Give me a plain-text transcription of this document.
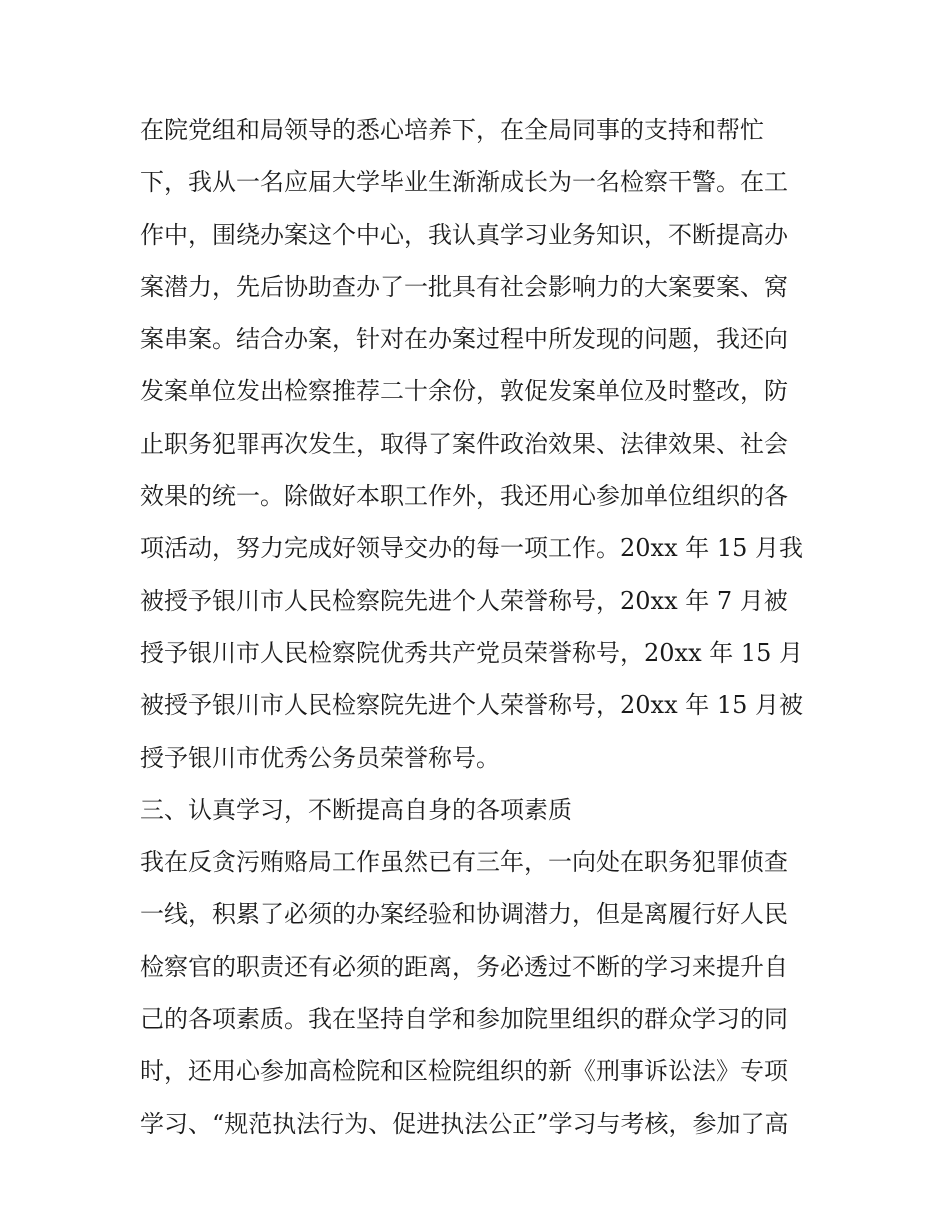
在院党组和局领导的悉心培养下，在全局同事的支持和帮忙
下，我从一名应届大学毕业生渐渐成长为一名检察干警。在工
作中，围绕办案这个中心，我认真学习业务知识，不断提高办
案潜力，先后协助查办了一批具有社会影响力的大案要案、窝
案串案。结合办案，针对在办案过程中所发现的问题，我还向
发案单位发出检察推荐二十余份，敦促发案单位及时整改，防
止职务犯罪再次发生，取得了案件政治效果、法律效果、社会
效果的统一。除做好本职工作外，我还用心参加单位组织的各
项活动，努力完成好领导交办的每一项工作。20xx 年 15 月我
被授予银川市人民检察院先进个人荣誉称号，20xx 年 7 月被
授予银川市人民检察院优秀共产党员荣誉称号，20xx 年 15 月
被授予银川市人民检察院先进个人荣誉称号，20xx 年 15 月被
授予银川市优秀公务员荣誉称号。
三、认真学习，不断提高自身的各项素质
我在反贪污贿赂局工作虽然已有三年，一向处在职务犯罪侦查
一线，积累了必须的办案经验和协调潜力，但是离履行好人民
检察官的职责还有必须的距离，务必透过不断的学习来提升自
己的各项素质。我在坚持自学和参加院里组织的群众学习的同
时，还用心参加高检院和区检院组织的新《刑事诉讼法》专项
学习、“规范执法行为、促进执法公正”学习与考核，参加了高
